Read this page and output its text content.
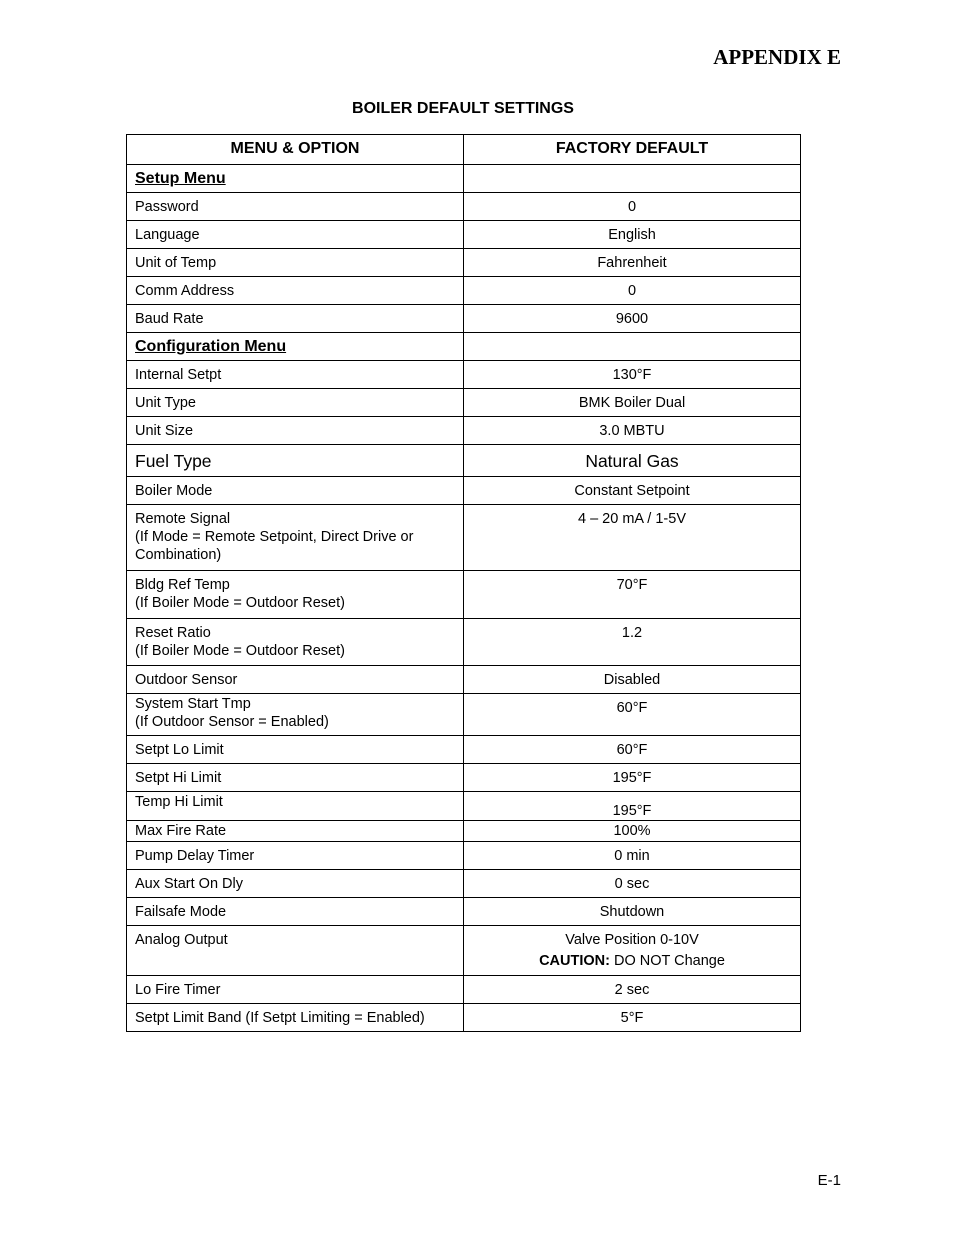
APPENDIX E
BOILER DEFAULT SETTINGS
MENU & OPTION	FACTORY DEFAULT
Setup Menu	
Password	0
Language	English
Unit of Temp	Fahrenheit
Comm Address	0
Baud Rate	9600
Configuration Menu	
Internal Setpt	130°F
Unit Type	BMK Boiler Dual
Unit Size	3.0 MBTU
Fuel Type	Natural Gas
Boiler Mode	Constant Setpoint

Remote Signal
(If Mode = Remote Setpoint, Direct Drive or Combination)	4 – 20 mA / 1-5V

Bldg Ref Temp
(If Boiler Mode = Outdoor Reset)	70°F

Reset Ratio
(If Boiler Mode = Outdoor Reset)	1.2
Outdoor Sensor	Disabled

System Start Tmp
(If Outdoor Sensor = Enabled)	60°F
Setpt Lo Limit	60°F
Setpt Hi Limit	195°F
Temp Hi Limit	195°F
Max Fire Rate	100%
Pump Delay Timer	0 min
Aux Start On Dly	0 sec
Failsafe Mode	Shutdown
Analog Output	Valve Position 0-10V
CAUTION: DO NOT Change

Lo Fire Timer	2 sec
Setpt Limit Band (If Setpt Limiting = Enabled)	5°F
E-1
